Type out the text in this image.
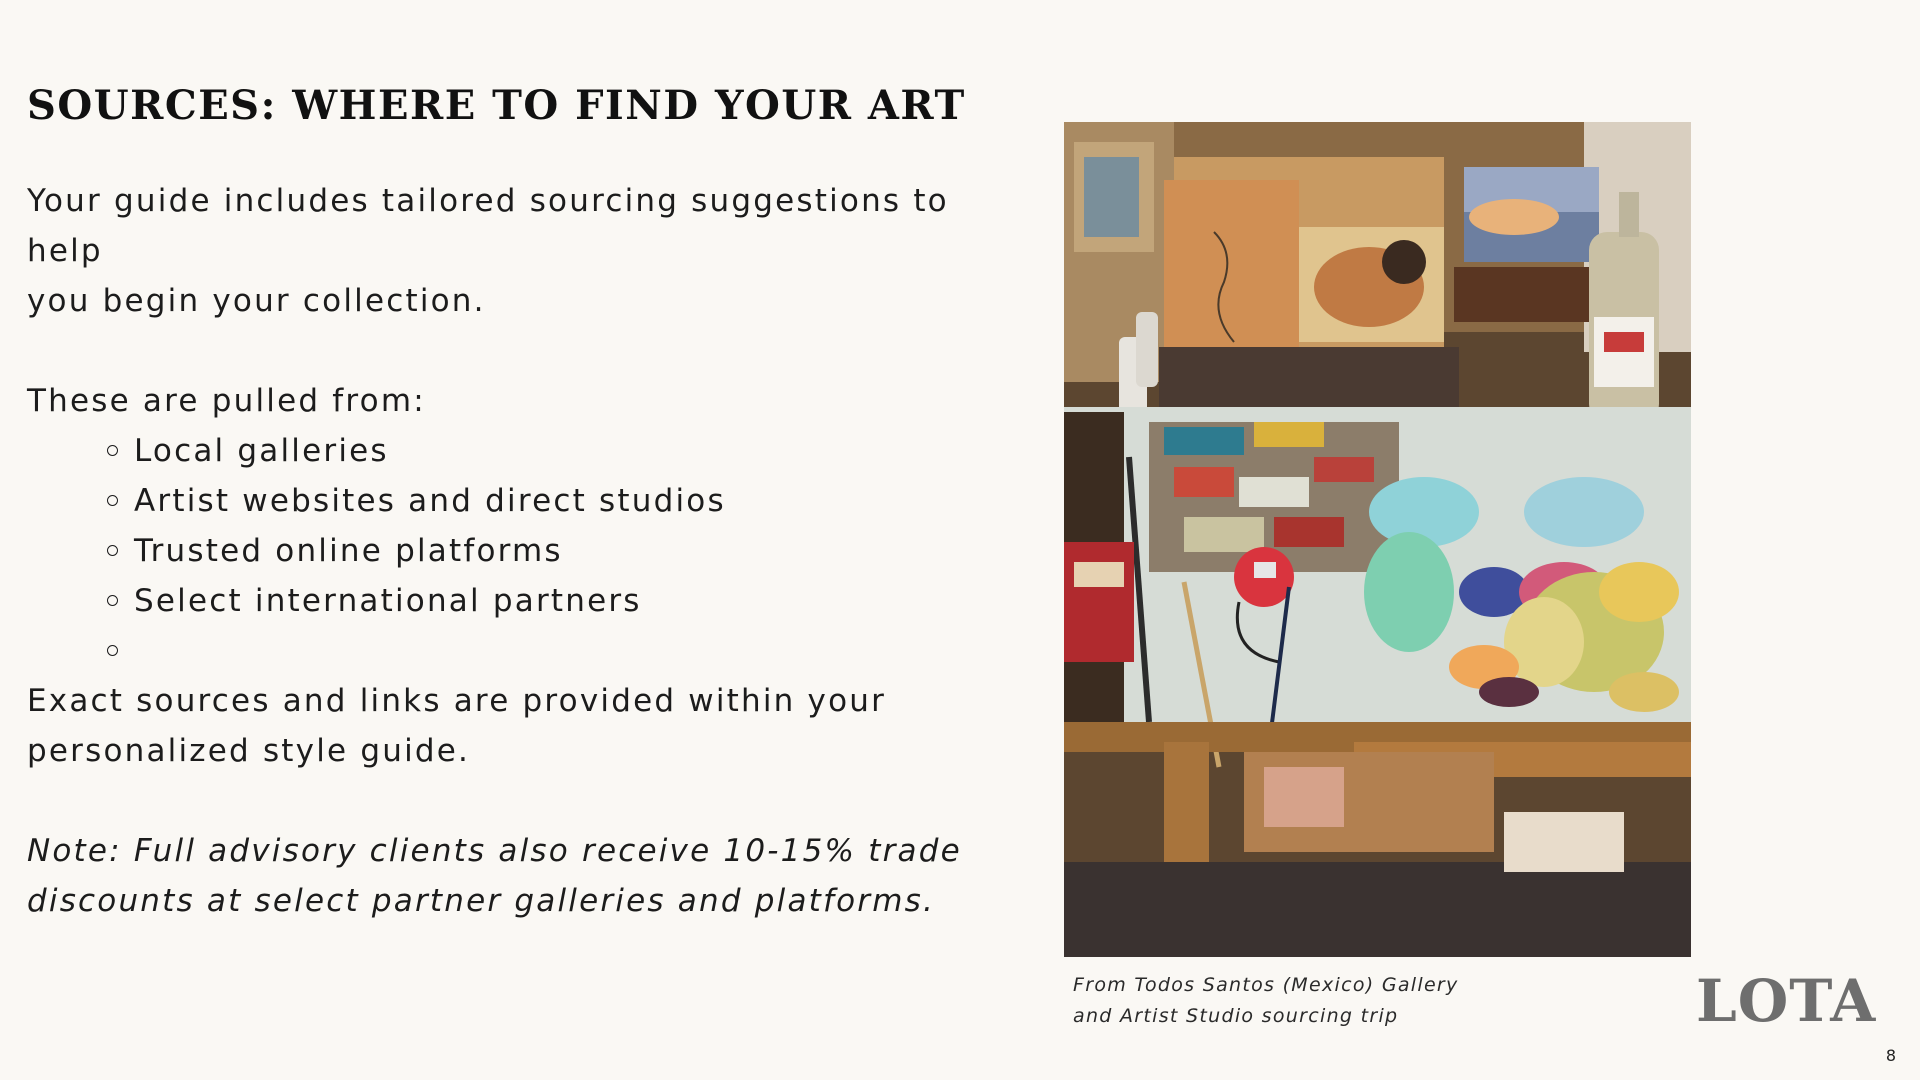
SOURCES: WHERE TO FIND YOUR ART

Your guide includes tailored sourcing suggestions to help

you begin your collection.

These are pulled from:

Local galleries
Artist websites and direct studios
Trusted online platforms
Select international partners

Exact sources and links are provided within your

personalized style guide.

Note: Full advisory clients also receive 10-15% trade

discounts at select partner galleries and platforms.

From Todos Santos (Mexico) Gallery
and Artist Studio sourcing trip	LOTA
8
